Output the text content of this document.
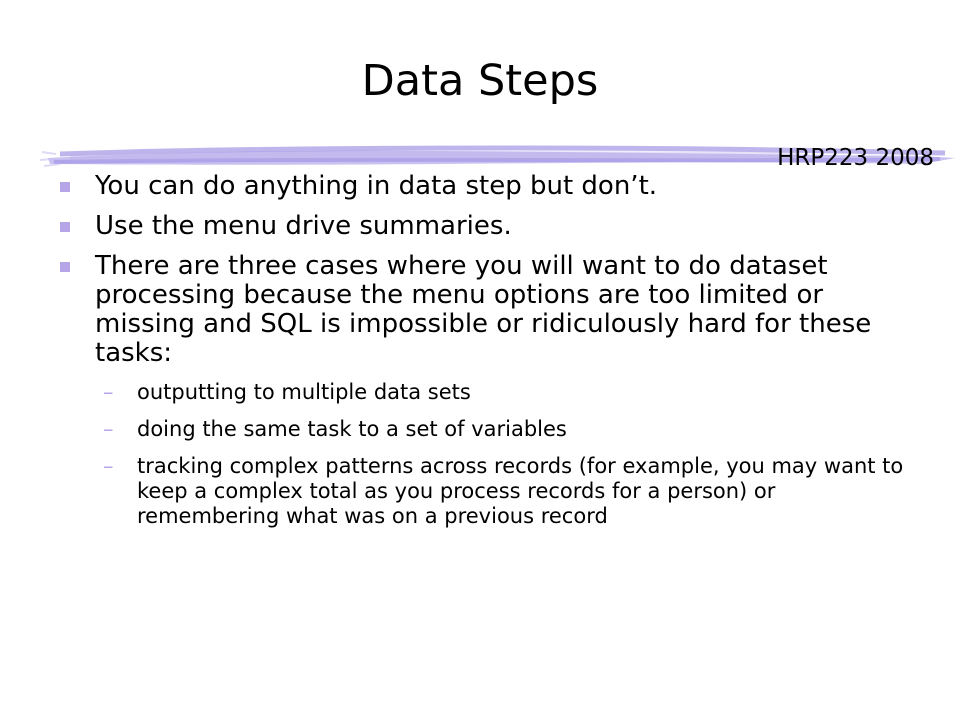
Data Steps
HRP223 2008
You can do anything in data step but don’t.
Use the menu drive summaries.
There are three cases where you will want to do dataset processing because the menu options are too limited or missing and SQL is impossible or ridiculously hard for these tasks:
– outputting to multiple data sets
– doing the same task to a set of variables
– tracking complex patterns across records (for example, you may want to keep a complex total as you process records for a person) or remembering what was on a previous record
